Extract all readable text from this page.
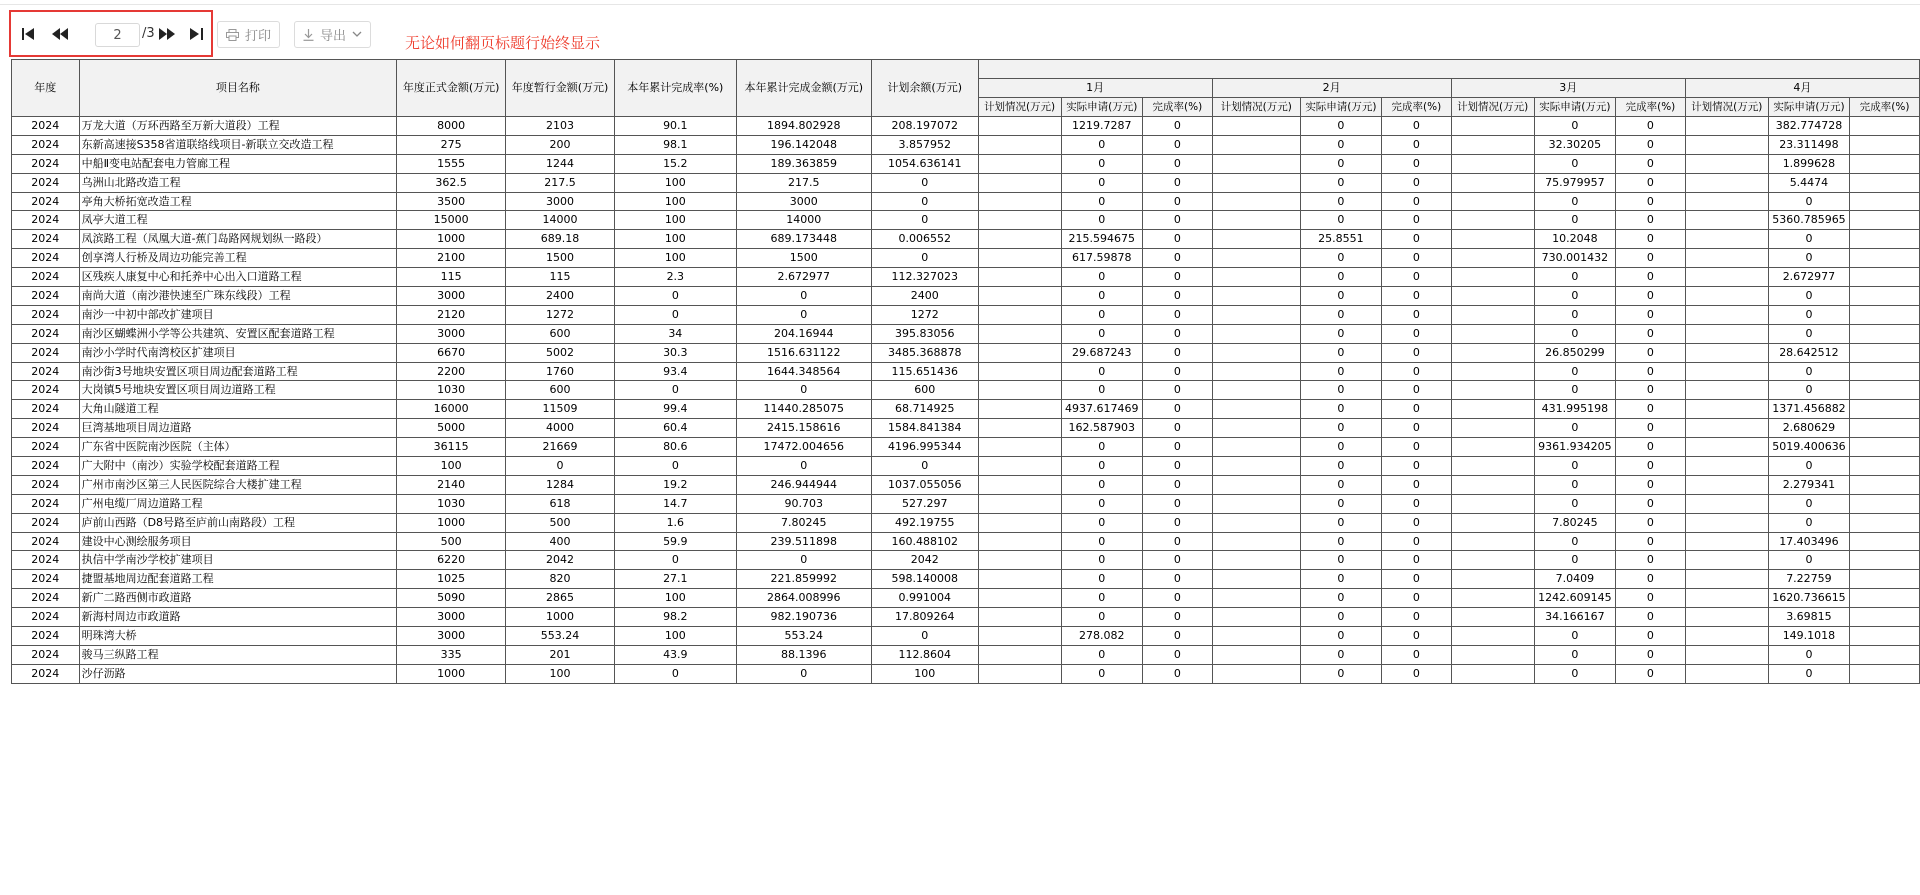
2
/3	打印	导出	无论如何翻页标题行始终显示
年度	项目名称	年度正式金额(万元)	年度暂行金额(万元)	本年累计完成率(%)	本年累计完成金额(万元)	计划余额(万元)												
							1月			2月			3月			4月		
							计划情况(万元)	实际申请(万元)	完成率(%)	计划情况(万元)	实际申请(万元)	完成率(%)	计划情况(万元)	实际申请(万元)	完成率(%)	计划情况(万元)	实际申请(万元)	完成率(%)
2024	万龙大道（万环西路至万新大道段）工程	8000	2103	90.1	1894.802928	208.197072		1219.7287	0		0	0		0	0		382.774728	
2024	东新高速接S358省道联络线项目-新联立交改造工程	275	200	98.1	196.142048	3.857952		0	0		0	0		32.30205	0		23.311498	
2024	中船Ⅱ变电站配套电力管廊工程	1555	1244	15.2	189.363859	1054.636141		0	0		0	0		0	0		1.899628	
2024	乌洲山北路改造工程	362.5	217.5	100	217.5	0		0	0		0	0		75.979957	0		5.4474	
2024	亭角大桥拓宽改造工程	3500	3000	100	3000	0		0	0		0	0		0	0		0	
2024	凤亭大道工程	15000	14000	100	14000	0		0	0		0	0		0	0		5360.785965	
2024	凤滨路工程（凤凰大道-蕉门岛路网规划纵一路段）	1000	689.18	100	689.173448	0.006552		215.594675	0		25.8551	0		10.2048	0		0	
2024	创享湾人行桥及周边功能完善工程	2100	1500	100	1500	0		617.59878	0		0	0		730.001432	0		0	
2024	区残疾人康复中心和托养中心出入口道路工程	115	115	2.3	2.672977	112.327023		0	0		0	0		0	0		2.672977	
2024	南尚大道（南沙港快速至广珠东线段）工程	3000	2400	0	0	2400		0	0		0	0		0	0		0	
2024	南沙一中初中部改扩建项目	2120	1272	0	0	1272		0	0		0	0		0	0		0	
2024	南沙区蝴蝶洲小学等公共建筑、安置区配套道路工程	3000	600	34	204.16944	395.83056		0	0		0	0		0	0		0	
2024	南沙小学时代南湾校区扩建项目	6670	5002	30.3	1516.631122	3485.368878		29.687243	0		0	0		26.850299	0		28.642512	
2024	南沙街3号地块安置区项目周边配套道路工程	2200	1760	93.4	1644.348564	115.651436		0	0		0	0		0	0		0	
2024	大岗镇5号地块安置区项目周边道路工程	1030	600	0	0	600		0	0		0	0		0	0		0	
2024	大角山隧道工程	16000	11509	99.4	11440.285075	68.714925		4937.617469	0		0	0		431.995198	0		1371.456882	
2024	巨湾基地项目周边道路	5000	4000	60.4	2415.158616	1584.841384		162.587903	0		0	0		0	0		2.680629	
2024	广东省中医院南沙医院（主体）	36115	21669	80.6	17472.004656	4196.995344		0	0		0	0		9361.934205	0		5019.400636	
2024	广大附中（南沙）实验学校配套道路工程	100	0	0	0	0		0	0		0	0		0	0		0	
2024	广州市南沙区第三人民医院综合大楼扩建工程	2140	1284	19.2	246.944944	1037.055056		0	0		0	0		0	0		2.279341	
2024	广州电缆厂周边道路工程	1030	618	14.7	90.703	527.297		0	0		0	0		0	0		0	
2024	庐前山西路（D8号路至庐前山南路段）工程	1000	500	1.6	7.80245	492.19755		0	0		0	0		7.80245	0		0	
2024	建设中心测绘服务项目	500	400	59.9	239.511898	160.488102		0	0		0	0		0	0		17.403496	
2024	执信中学南沙学校扩建项目	6220	2042	0	0	2042		0	0		0	0		0	0		0	
2024	捷盟基地周边配套道路工程	1025	820	27.1	221.859992	598.140008		0	0		0	0		7.0409	0		7.22759	
2024	新广二路西侧市政道路	5090	2865	100	2864.008996	0.991004		0	0		0	0		1242.609145	0		1620.736615	
2024	新海村周边市政道路	3000	1000	98.2	982.190736	17.809264		0	0		0	0		34.166167	0		3.69815	
2024	明珠湾大桥	3000	553.24	100	553.24	0		278.082	0		0	0		0	0		149.1018	
2024	骏马三纵路工程	335	201	43.9	88.1396	112.8604		0	0		0	0		0	0		0	
2024	沙仔沥路	1000	100	0	0	100		0	0		0	0		0	0		0	
